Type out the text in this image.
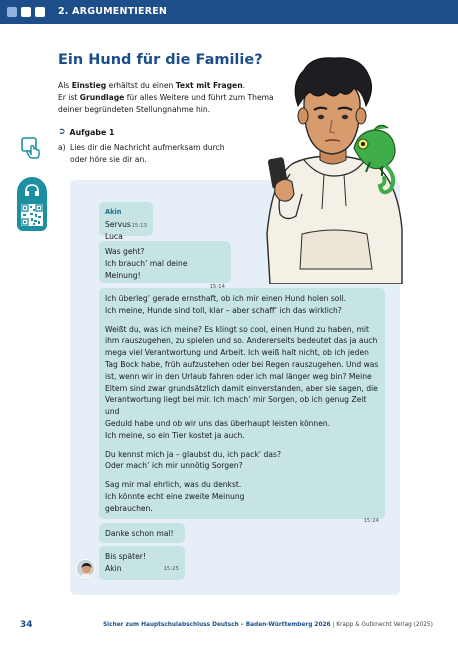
2. ARGUMENTIEREN
Ein Hund für die Familie?
Als Einstieg erhältst du einen Text mit Fragen.
Er ist Grundlage für alles Weitere und führt zum Thema
deiner begründeten Stellungnahme hin.
➲ Aufgabe 1
a) Lies dir die Nachricht aufmerksam durch
oder höre sie dir an.
Akin
Servus Luca
15:13
Was geht?
Ich brauch’ mal deine Meinung!

Ich überleg’ gerade ernsthaft, ob ich mir einen Hund holen soll.
Ich meine, Hunde sind toll, klar – aber schaff’ ich das wirklich?

Weißt du, was ich meine? Es klingt so cool, einen Hund zu haben, mit
ihm rauszugehen, zu spielen und so. Andererseits bedeutet das ja auch
mega viel Verantwortung und Arbeit. Ich weiß halt nicht, ob ich jeden
Tag Bock habe, früh aufzustehen oder bei Regen rauszugehen. Und was
ist, wenn wir in den Urlaub fahren oder ich mal länger weg bin? Meine
Eltern sind zwar grundsätzlich damit einverstanden, aber sie sagen, die
Verantwortung liegt bei mir. Ich mach’ mir Sorgen, ob ich genug Zeit und
Geduld habe und ob wir uns das überhaupt leisten können.
Ich meine, so ein Tier kostet ja auch.

Du kennst mich ja – glaubst du, ich pack’ das?
Oder mach’ ich mir unnötig Sorgen?

Sag mir mal ehrlich, was du denkst.
Ich könnte echt eine zweite Meinung
gebrauchen.

15:24
Danke schon mal!
Bis später!
Akin	15:25
34	Sicher zum Hauptschulabschluss Deutsch – Baden-Württemberg 2026 | Krapp & Gutknecht Verlag (2025)
